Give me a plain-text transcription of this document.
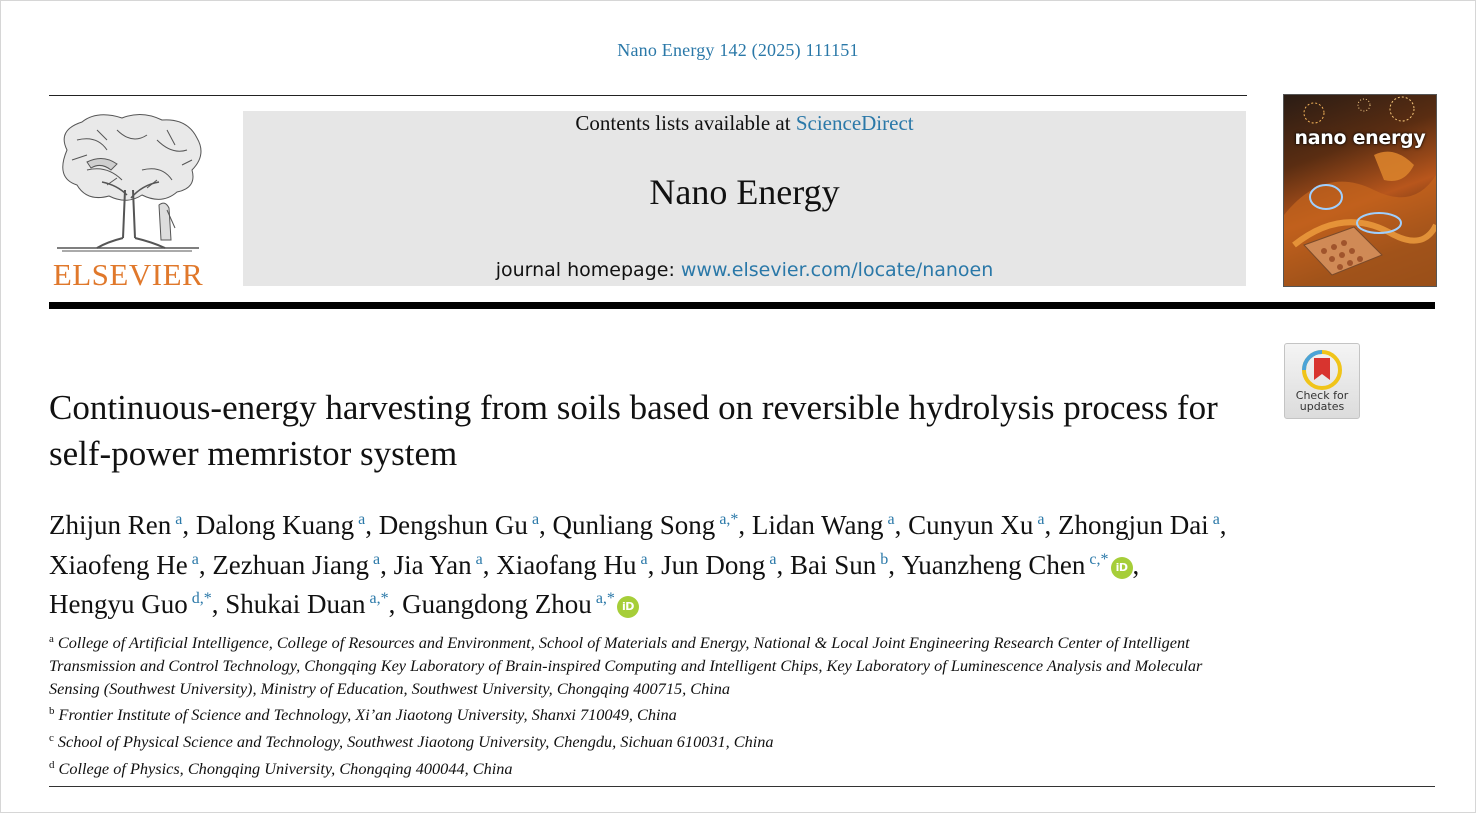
Nano Energy 142 (2025) 111151
ELSEVIER
Contents lists available at ScienceDirect
Nano Energy
journal homepage: www.elsevier.com/locate/nanoen
nano energy
Check for
updates
Continuous-energy harvesting from soils based on reversible hydrolysis process for self-power memristor system
Zhijun Ren $^a$, Dalong Kuang $^a$, Dengshun Gu $^a$, Qunliang Song $^{a,*}$, Lidan Wang $^a$, Cunyun Xu $^a$, Zhongjun Dai $^a$, Xiaofeng He $^a$, Zezhuan Jiang $^a$, Jia Yan $^a$, Xiaofang Hu $^a$, Jun Dong $^a$, Bai Sun $^b$, Yuanzheng Chen $^{c,*}$ iD , Hengyu Guo $^{d,*}$, Shukai Duan $^{a,*}$, Guangdong Zhou $^{a,*}$ iD
$^a$ College of Artificial Intelligence, College of Resources and Environment, School of Materials and Energy, National & Local Joint Engineering Research Center of Intelligent Transmission and Control Technology, Chongqing Key Laboratory of Brain-inspired Computing and Intelligent Chips, Key Laboratory of Luminescence Analysis and Molecular Sensing (Southwest University), Ministry of Education, Southwest University, Chongqing 400715, China
$^b$ Frontier Institute of Science and Technology, Xi’an Jiaotong University, Shanxi 710049, China
$^c$ School of Physical Science and Technology, Southwest Jiaotong University, Chengdu, Sichuan 610031, China
$^d$ College of Physics, Chongqing University, Chongqing 400044, China
